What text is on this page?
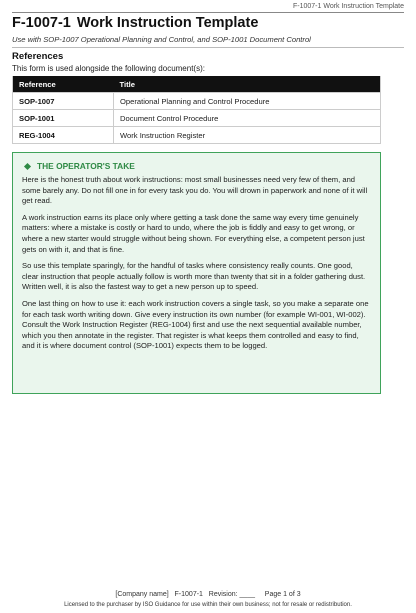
F-1007-1 Work Instruction Template
F-1007-1 Work Instruction Template
Use with SOP-1007 Operational Planning and Control, and SOP-1001 Document Control
References
This form is used alongside the following document(s):
Reference	Title
SOP-1007	Operational Planning and Control Procedure
SOP-1001	Document Control Procedure
REG-1004	Work Instruction Register
THE OPERATOR'S TAKE

Here is the honest truth about work instructions: most small businesses need very few of them, and some barely any. Do not fill one in for every task you do. You will drown in paperwork and none of it will get read.

A work instruction earns its place only where getting a task done the same way every time genuinely matters: where a mistake is costly or hard to undo, where the job is fiddly and easy to get wrong, or where a new starter would struggle without being shown. For everything else, a competent person just gets on with it, and that is fine.

So use this template sparingly, for the handful of tasks where consistency really counts. One good, clear instruction that people actually follow is worth more than twenty that sit in a folder gathering dust. Written well, it is also the fastest way to get a new person up to speed.

One last thing on how to use it: each work instruction covers a single task, so you make a separate one for each task worth writing down. Give every instruction its own number (for example WI-001, WI-002). Consult the Work Instruction Register (REG-1004) first and use the next sequential available number, which you then annotate in the register. That register is what keeps them controlled and easy to find, and it is where document control (SOP-1001) expects them to be logged.

[Company name]   F-1007-1   Revision: ____     Page 1 of 3
Licensed to the purchaser by ISO Guidance for use within their own business; not for resale or redistribution.
